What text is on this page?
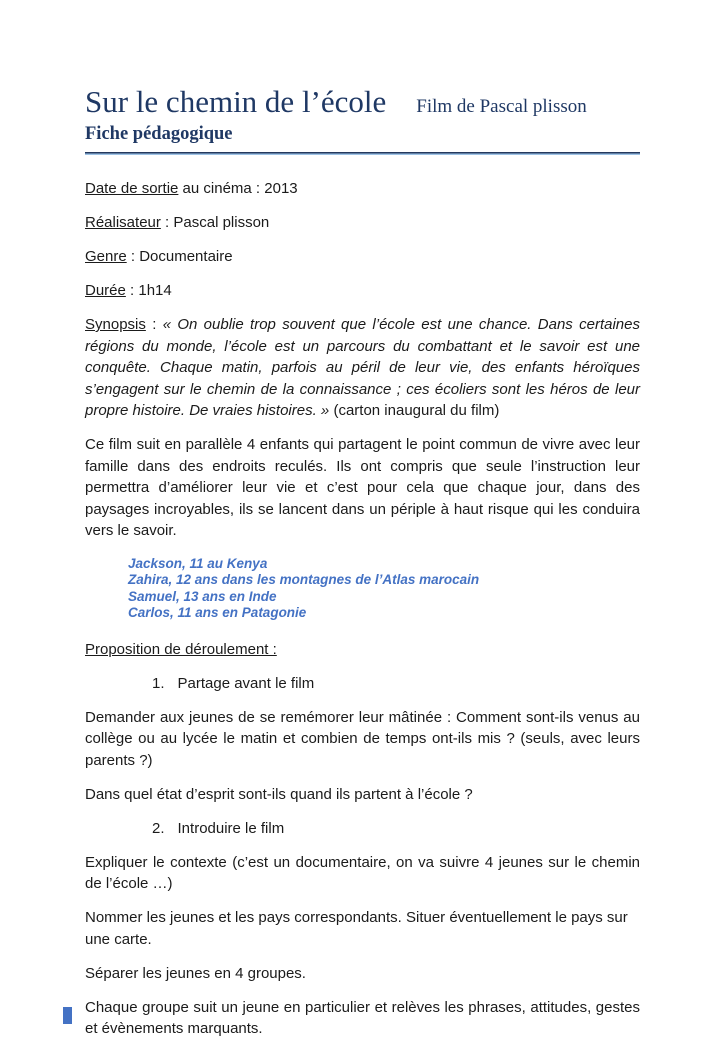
Sur le chemin de l’école Film de Pascal plisson
Fiche pédagogique

Date de sortie au cinéma : 2013

Réalisateur : Pascal plisson

Genre : Documentaire

Durée : 1h14

Synopsis : « On oublie trop souvent que l’école est une chance. Dans certaines régions du monde, l’école est un parcours du combattant et le savoir est une conquête. Chaque matin, parfois au péril de leur vie, des enfants héroïques s’engagent sur le chemin de la connaissance ; ces écoliers sont les héros de leur propre histoire. De vraies histoires. » (carton inaugural du film)

Ce film suit en parallèle 4 enfants qui partagent le point commun de vivre avec leur famille dans des endroits reculés. Ils ont compris que seule l’instruction leur permettra d’améliorer leur vie et c’est pour cela que chaque jour, dans des paysages incroyables, ils se lancent dans un périple à haut risque qui les conduira vers le savoir.

Jackson, 11 au Kenya
Zahira, 12 ans dans les montagnes de l’Atlas marocain
Samuel, 13 ans en Inde
Carlos, 11 ans en Patagonie

Proposition de déroulement :

1. Partage avant le film

Demander aux jeunes de se remémorer leur mâtinée : Comment sont-ils venus au collège ou au lycée le matin et combien de temps ont-ils mis ? (seuls, avec leurs parents ?)

Dans quel état d’esprit sont-ils quand ils partent à l’école ?

2. Introduire le film

Expliquer le contexte (c’est un documentaire, on va suivre 4 jeunes sur le chemin de l’école …)

Nommer les jeunes et les pays correspondants. Situer éventuellement le pays sur une carte.

Séparer les jeunes en 4 groupes.

Chaque groupe suit un jeune en particulier et relèves les phrases, attitudes, gestes et évènements marquants.
